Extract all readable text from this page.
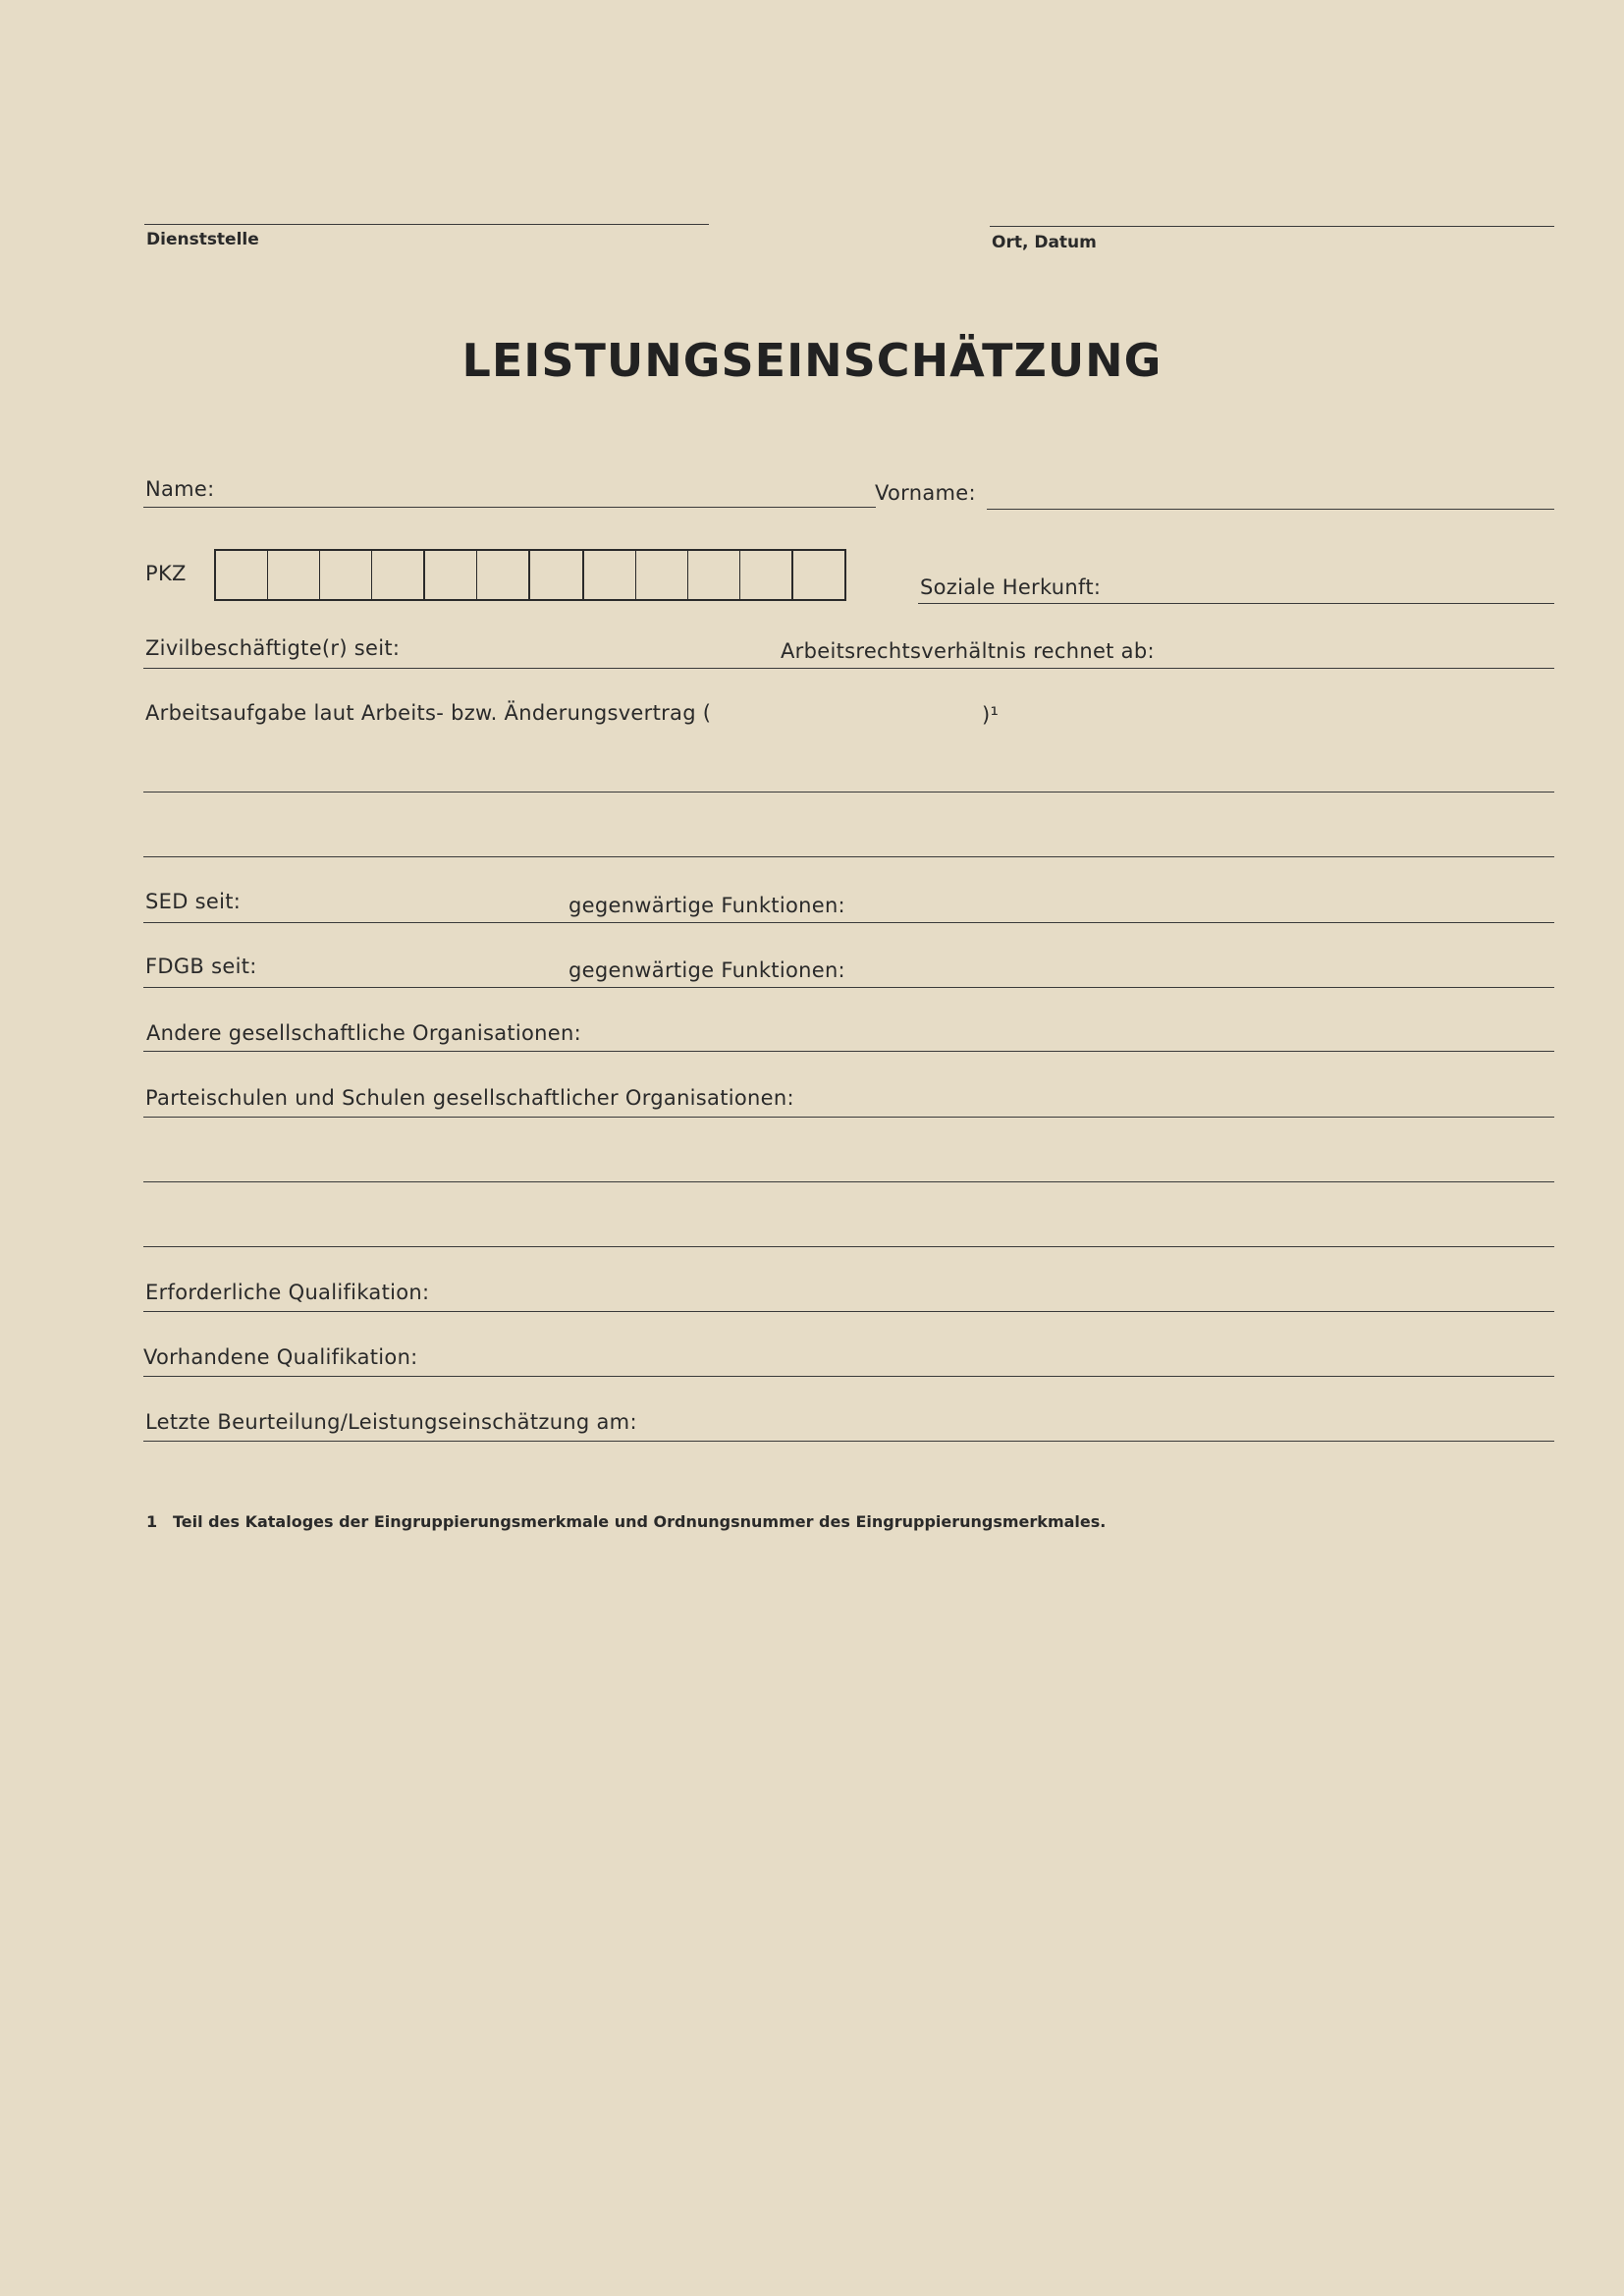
Dienststelle	Ort, Datum
LEISTUNGSEINSCHÄTZUNG
Name:	Vorname:
PKZ
Soziale Herkunft:
Zivilbeschäftigte(r) seit:	Arbeitsrechtsverhältnis rechnet ab:
Arbeitsaufgabe laut Arbeits- bzw. Änderungsvertrag (	)¹
SED seit:	gegenwärtige Funktionen:
FDGB seit:	gegenwärtige Funktionen:
Andere gesellschaftliche Organisationen:
Parteischulen und Schulen gesellschaftlicher Organisationen:
Erforderliche Qualifikation:
Vorhandene Qualifikation:
Letzte Beurteilung/Leistungseinschätzung am:
1 Teil des Kataloges der Eingruppierungsmerkmale und Ordnungsnummer des Eingruppierungsmerkmales.
